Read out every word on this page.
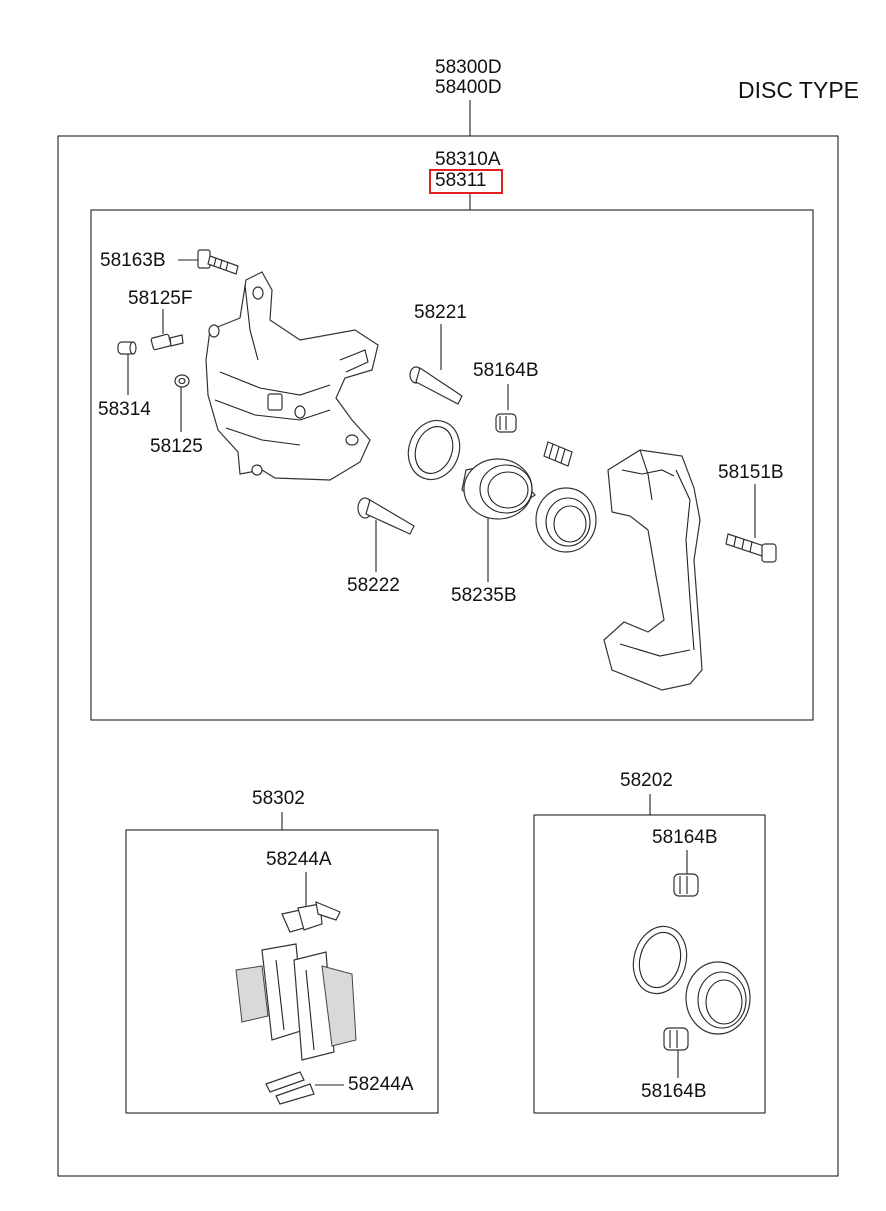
DISC TYPE
58300D
58400D
58310A
58311
58163B
58125F
58314
58125
58221
58164B
58151B
58222	58235B
58302
58244A
58244A
58202
58164B
58164B
